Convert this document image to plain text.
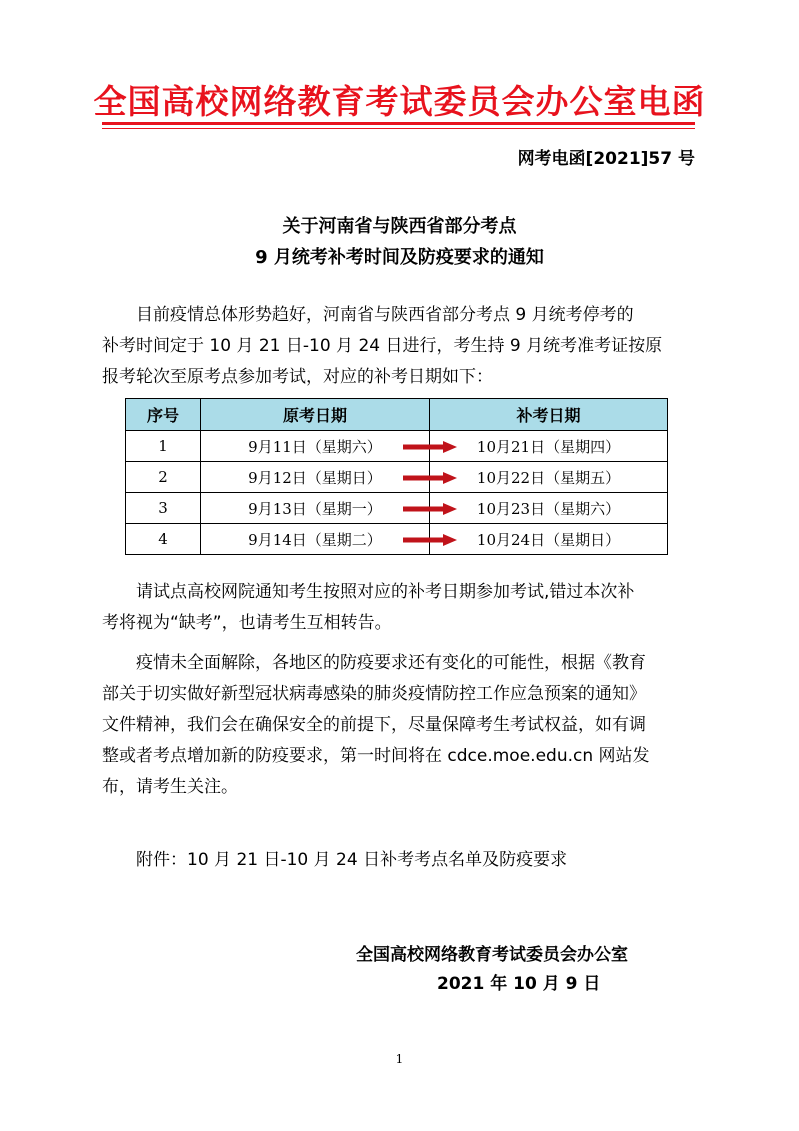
全国高校网络教育考试委员会办公室电函
网考电函[2021]57 号
关于河南省与陕西省部分考点
9 月统考补考时间及防疫要求的通知
目前疫情总体形势趋好，河南省与陕西省部分考点 9 月统考停考的
补考时间定于 10 月 21 日-10 月 24 日进行，考生持 9 月统考准考证按原
报考轮次至原考点参加考试，对应的补考日期如下：
序号	原考日期	补考日期
1	9月11日（星期六）	10月21日（星期四）
2	9月12日（星期日）	10月22日（星期五）
3	9月13日（星期一）	10月23日（星期六）
4	9月14日（星期二）	10月24日（星期日）
请试点高校网院通知考生按照对应的补考日期参加考试,错过本次补
考将视为“缺考”，也请考生互相转告。
疫情未全面解除，各地区的防疫要求还有变化的可能性，根据《教育
部关于切实做好新型冠状病毒感染的肺炎疫情防控工作应急预案的通知》
文件精神，我们会在确保安全的前提下，尽量保障考生考试权益，如有调
整或者考点增加新的防疫要求，第一时间将在 cdce.moe.edu.cn 网站发
布，请考生关注。
附件：10 月 21 日-10 月 24 日补考考点名单及防疫要求
全国高校网络教育考试委员会办公室
2021 年 10 月 9 日
1
